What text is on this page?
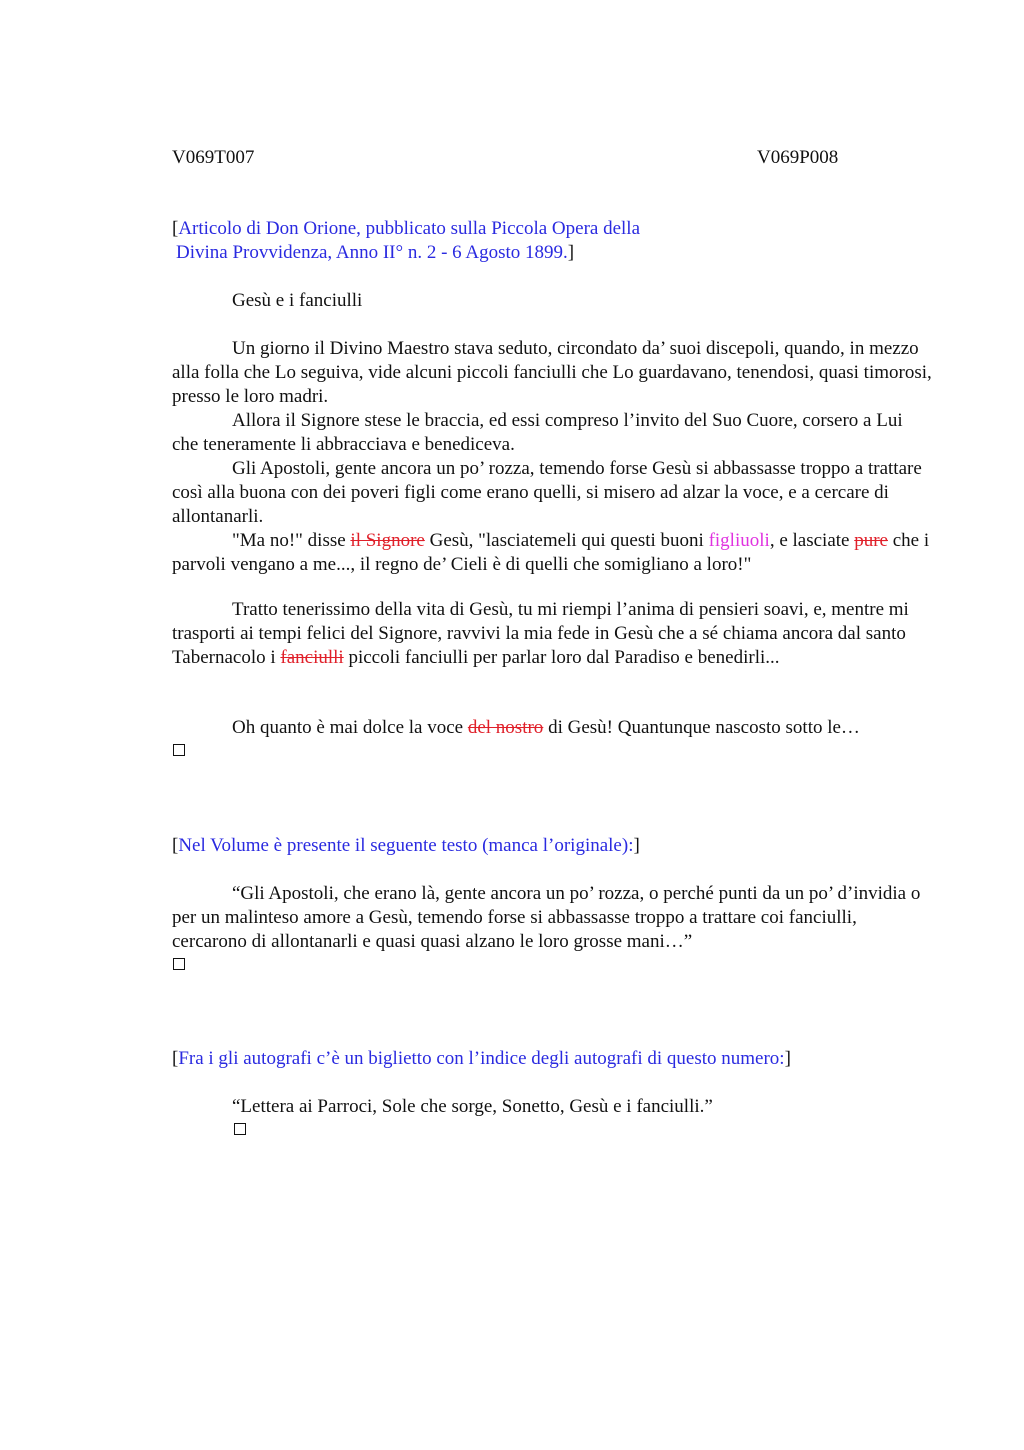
V069T007	V069P008
[Articolo di Don Orione, pubblicato sulla Piccola Opera della
Divina Provvidenza, Anno II° n. 2 - 6 Agosto 1899.]
Gesù e i fanciulli

Un giorno il Divino Maestro stava seduto, circondato da’ suoi discepoli, quando, in mezzo alla folla che Lo seguiva, vide alcuni piccoli fanciulli che Lo guardavano, tenendosi, quasi timorosi, presso le loro madri.

Allora il Signore stese le braccia, ed essi compreso l’invito del Suo Cuore, corsero a Lui che teneramente li abbracciava e benediceva.

Gli Apostoli, gente ancora un po’ rozza, temendo forse Gesù si abbassasse troppo a trattare così alla buona con dei poveri figli come erano quelli, si misero ad alzar la voce, e a cercare di allontanarli.

"Ma no!" disse il Signore Gesù, "lasciatemeli qui questi buoni figliuoli, e lasciate pure che i parvoli vengano a me..., il regno de’ Cieli è di quelli che somigliano a loro!"

Tratto tenerissimo della vita di Gesù, tu mi riempi l’anima di pensieri soavi, e, mentre mi trasporti ai tempi felici del Signore, ravvivi la mia fede in Gesù che a sé chiama ancora dal santo Tabernacolo i fanciulli piccoli fanciulli per parlar loro dal Paradiso e benedirli...

Oh quanto è mai dolce la voce del nostro di Gesù! Quantunque nascosto sotto le…
[Nel Volume è presente il seguente testo (manca l’originale):]

“Gli Apostoli, che erano là, gente ancora un po’ rozza, o perché punti da un po’ d’invidia o per un malinteso amore a Gesù, temendo forse si abbassasse troppo a trattare coi fanciulli, cercarono di allontanarli e quasi quasi alzano le loro grosse mani…”

[Fra i gli autografi c’è un biglietto con l’indice degli autografi di questo numero:]
“Lettera ai Parroci, Sole che sorge, Sonetto, Gesù e i fanciulli.”
